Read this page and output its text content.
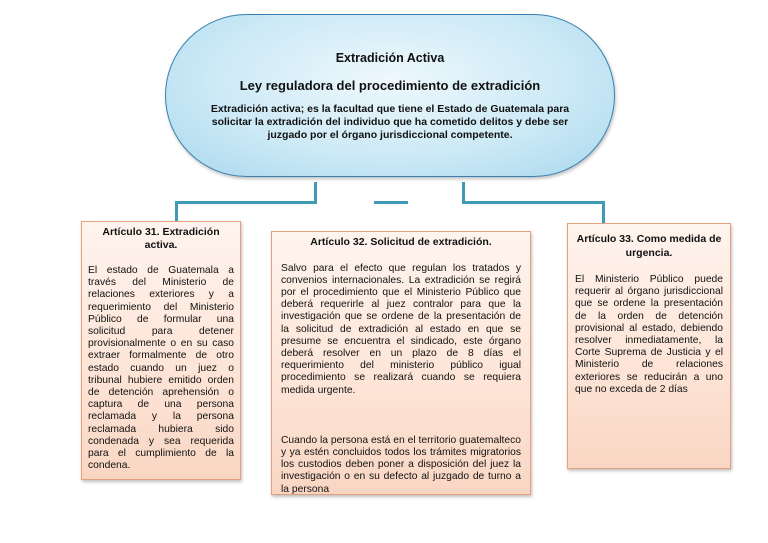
Extradición Activa
Ley reguladora del procedimiento de extradición
Extradición activa; es la facultad que tiene el Estado de Guatemala para solicitar la extradición del individuo que ha cometido delitos y debe ser juzgado por el órgano jurisdiccional competente.
Artículo 31. Extradición activa.
El estado de Guatemala a través del Ministerio de relaciones exteriores y a requerimiento del Ministerio Público de formular una solicitud para detener provisionalmente o en su caso extraer formalmente de otro estado cuando un juez o tribunal hubiere emitido orden de detención aprehensión o captura de una persona reclamada y la persona reclamada hubiera sido condenada y sea requerida para el cumplimiento de la condena.
Artículo 32. Solicitud de extradición.
Salvo para el efecto que regulan los tratados y convenios internacionales. La extradición se regirá por el procedimiento que el Ministerio Público que deberá requerirle al juez contralor para que la investigación que se ordene de la presentación de la solicitud de extradición al estado en que se presume se encuentra el sindicado, este órgano deberá resolver en un plazo de 8 días el requerimiento del ministerio público igual procedimiento se realizará cuando se requiera medida urgente.
Cuando la persona está en el territorio guatemalteco y ya estén concluidos todos los trámites migratorios los custodios deben poner a disposición del juez la investigación o en su defecto al juzgado de turno a la persona
Artículo 33. Como medida de urgencia.
El Ministerio Público puede requerir al órgano jurisdiccional que se ordene la presentación de la orden de detención provisional al estado, debiendo resolver inmediatamente, la Corte Suprema de Justicia y el Ministerio de relaciones exteriores se reducirán a uno que no exceda de 2 días
